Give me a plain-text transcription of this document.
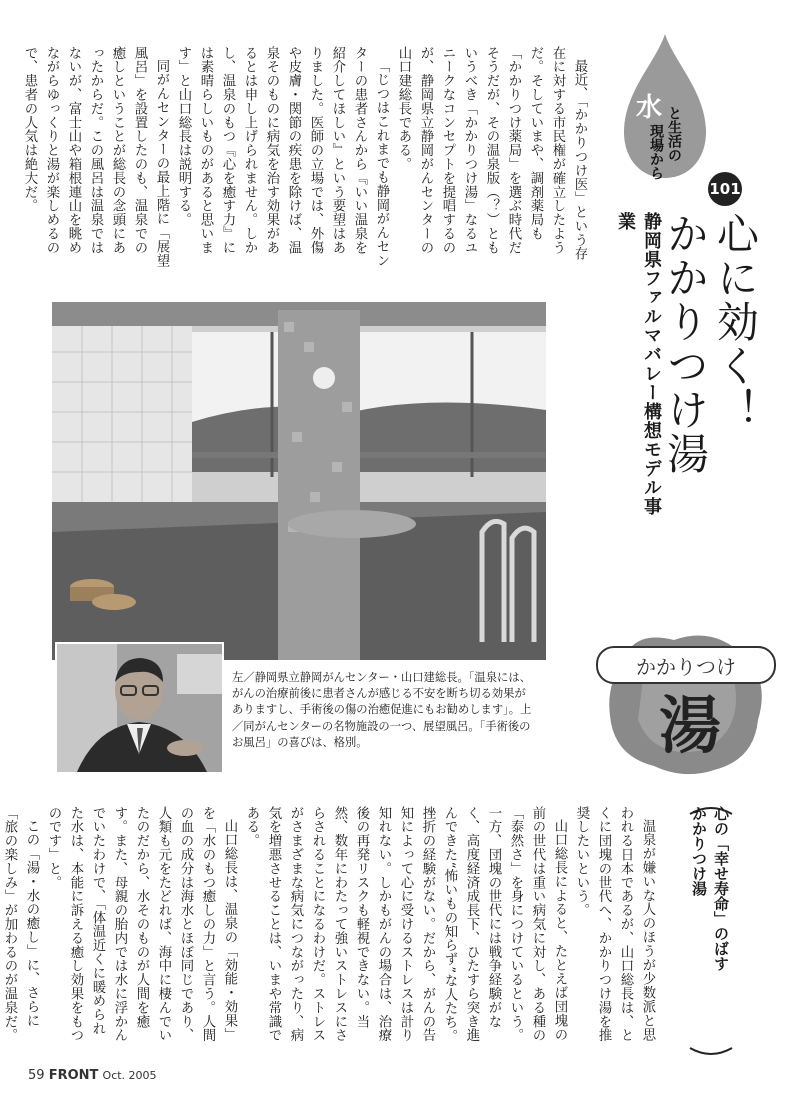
水 と生活の
現場から
101
心に効く！
かかりつけ湯
静岡県ファルマバレー構想モデル事業

最近、「かかりつけ医」という存在に対する市民権が確立したようだ。そしていまや、調剤薬局も「かかりつけ薬局」を選ぶ時代だそうだが、その温泉版（？）ともいうべき「かかりつけ湯」なるユニークなコンセプトを提唱するのが、静岡県立静岡がんセンターの山口建総長である。

「じつはこれまでも静岡がんセンターの患者さんから『いい温泉を紹介してほしい』という要望はありました。医師の立場では、外傷や皮膚・関節の疾患を除けば、温泉そのものに病気を治す効果があるとは申し上げられません。しかし、温泉のもつ『心を癒す力』には素晴らしいものがあると思います」と山口総長は説明する。

同がんセンターの最上階に「展望風呂」を設置したのも、温泉での癒しということが総長の念頭にあったからだ。この風呂は温泉ではないが、富士山や箱根連山を眺めながらゆっくりと湯が楽しめるので、患者の人気は絶大だ。

左／静岡県立静岡がんセンター・山口建総長。「温泉には、がんの治療前後に患者さんが感じる不安を断ち切る効果がありますし、手術後の傷の治癒促進にもお勧めします」。上／同がんセンターの名物施設の一つ、展望風呂。「手術後のお風呂」の喜びは、格別。
かかりつけ
湯
心の「幸せ寿命」のばす
かかりつけ湯

温泉が嫌いな人のほうが少数派と思われる日本であるが、山口総長は、とくに団塊の世代へ、かかりつけ湯を推奨したいという。

山口総長によると、たとえば団塊の前の世代は重い病気に対し、ある種の「泰然さ」を身につけているという。一方、団塊の世代には戦争経験がなく、高度経済成長下、ひたすら突き進んできた“怖いもの知らず”な人たち。挫折の経験がない。だから、がんの告知によって心に受けるストレスは計り知れない。しかもがんの場合は、治療後の再発リスクも軽視できない。当然、数年にわたって強いストレスにさらされることになるわけだ。ストレスがさまざまな病気につながったり、病気を増悪させることは、いまや常識である。

山口総長は、温泉の「効能・効果」を「水のもつ癒しの力」と言う。人間の血の成分は海水とほぼ同じであり、人類も元をたどれば、海中に棲んでいたのだから、水そのものが人間を癒す。また、母親の胎内では水に浮かんでいたわけで、「体温近くに暖められた水は、本能に訴える癒し効果をもつのです」と。

この「湯・水の癒し」に、さらに「旅の楽しみ」が加わるのが温泉だ。

59 FRONT Oct. 2005
